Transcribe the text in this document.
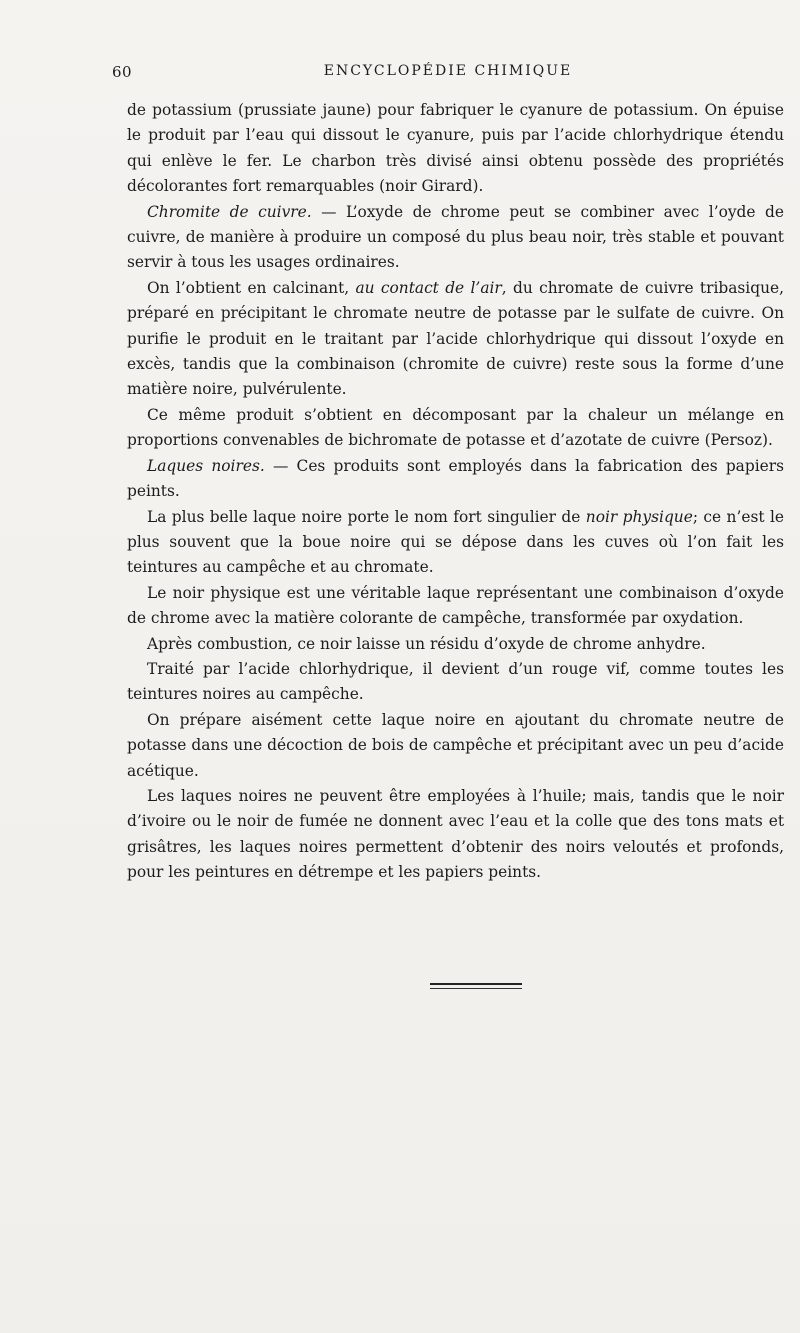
60	ENCYCLOPÉDIE CHIMIQUE

de potassium (prussiate jaune) pour fabriquer le cyanure de potassium. On épuise le produit par l’eau qui dissout le cyanure, puis par l’acide chlorhydrique étendu qui enlève le fer. Le charbon très divisé ainsi obtenu possède des propriétés décolorantes fort remarquables (noir Girard).

Chromite de cuivre. — L’oxyde de chrome peut se combiner avec l’oyde de cuivre, de manière à produire un composé du plus beau noir, très stable et pouvant servir à tous les usages ordinaires.

On l’obtient en calcinant, au contact de l’air, du chromate de cuivre tribasique, préparé en précipitant le chromate neutre de potasse par le sulfate de cuivre. On purifie le produit en le traitant par l’acide chlorhydrique qui dissout l’oxyde en excès, tandis que la combinaison (chromite de cuivre) reste sous la forme d’une matière noire, pulvérulente.

Ce même produit s’obtient en décomposant par la chaleur un mélange en proportions convenables de bichromate de potasse et d’azotate de cuivre (Persoz).

Laques noires. — Ces produits sont employés dans la fabrication des papiers peints.

La plus belle laque noire porte le nom fort singulier de noir physique; ce n’est le plus souvent que la boue noire qui se dépose dans les cuves où l’on fait les teintures au campêche et au chromate.

Le noir physique est une véritable laque représentant une combinaison d’oxyde de chrome avec la matière colorante de campêche, transformée par oxydation.

Après combustion, ce noir laisse un résidu d’oxyde de chrome anhydre.

Traité par l’acide chlorhydrique, il devient d’un rouge vif, comme toutes les teintures noires au campêche.

On prépare aisément cette laque noire en ajoutant du chromate neutre de potasse dans une décoction de bois de campêche et précipitant avec un peu d’acide acétique.

Les laques noires ne peuvent être employées à l’huile; mais, tandis que le noir d’ivoire ou le noir de fumée ne donnent avec l’eau et la colle que des tons mats et grisâtres, les laques noires permettent d’obtenir des noirs veloutés et profonds, pour les peintures en détrempe et les papiers peints.
